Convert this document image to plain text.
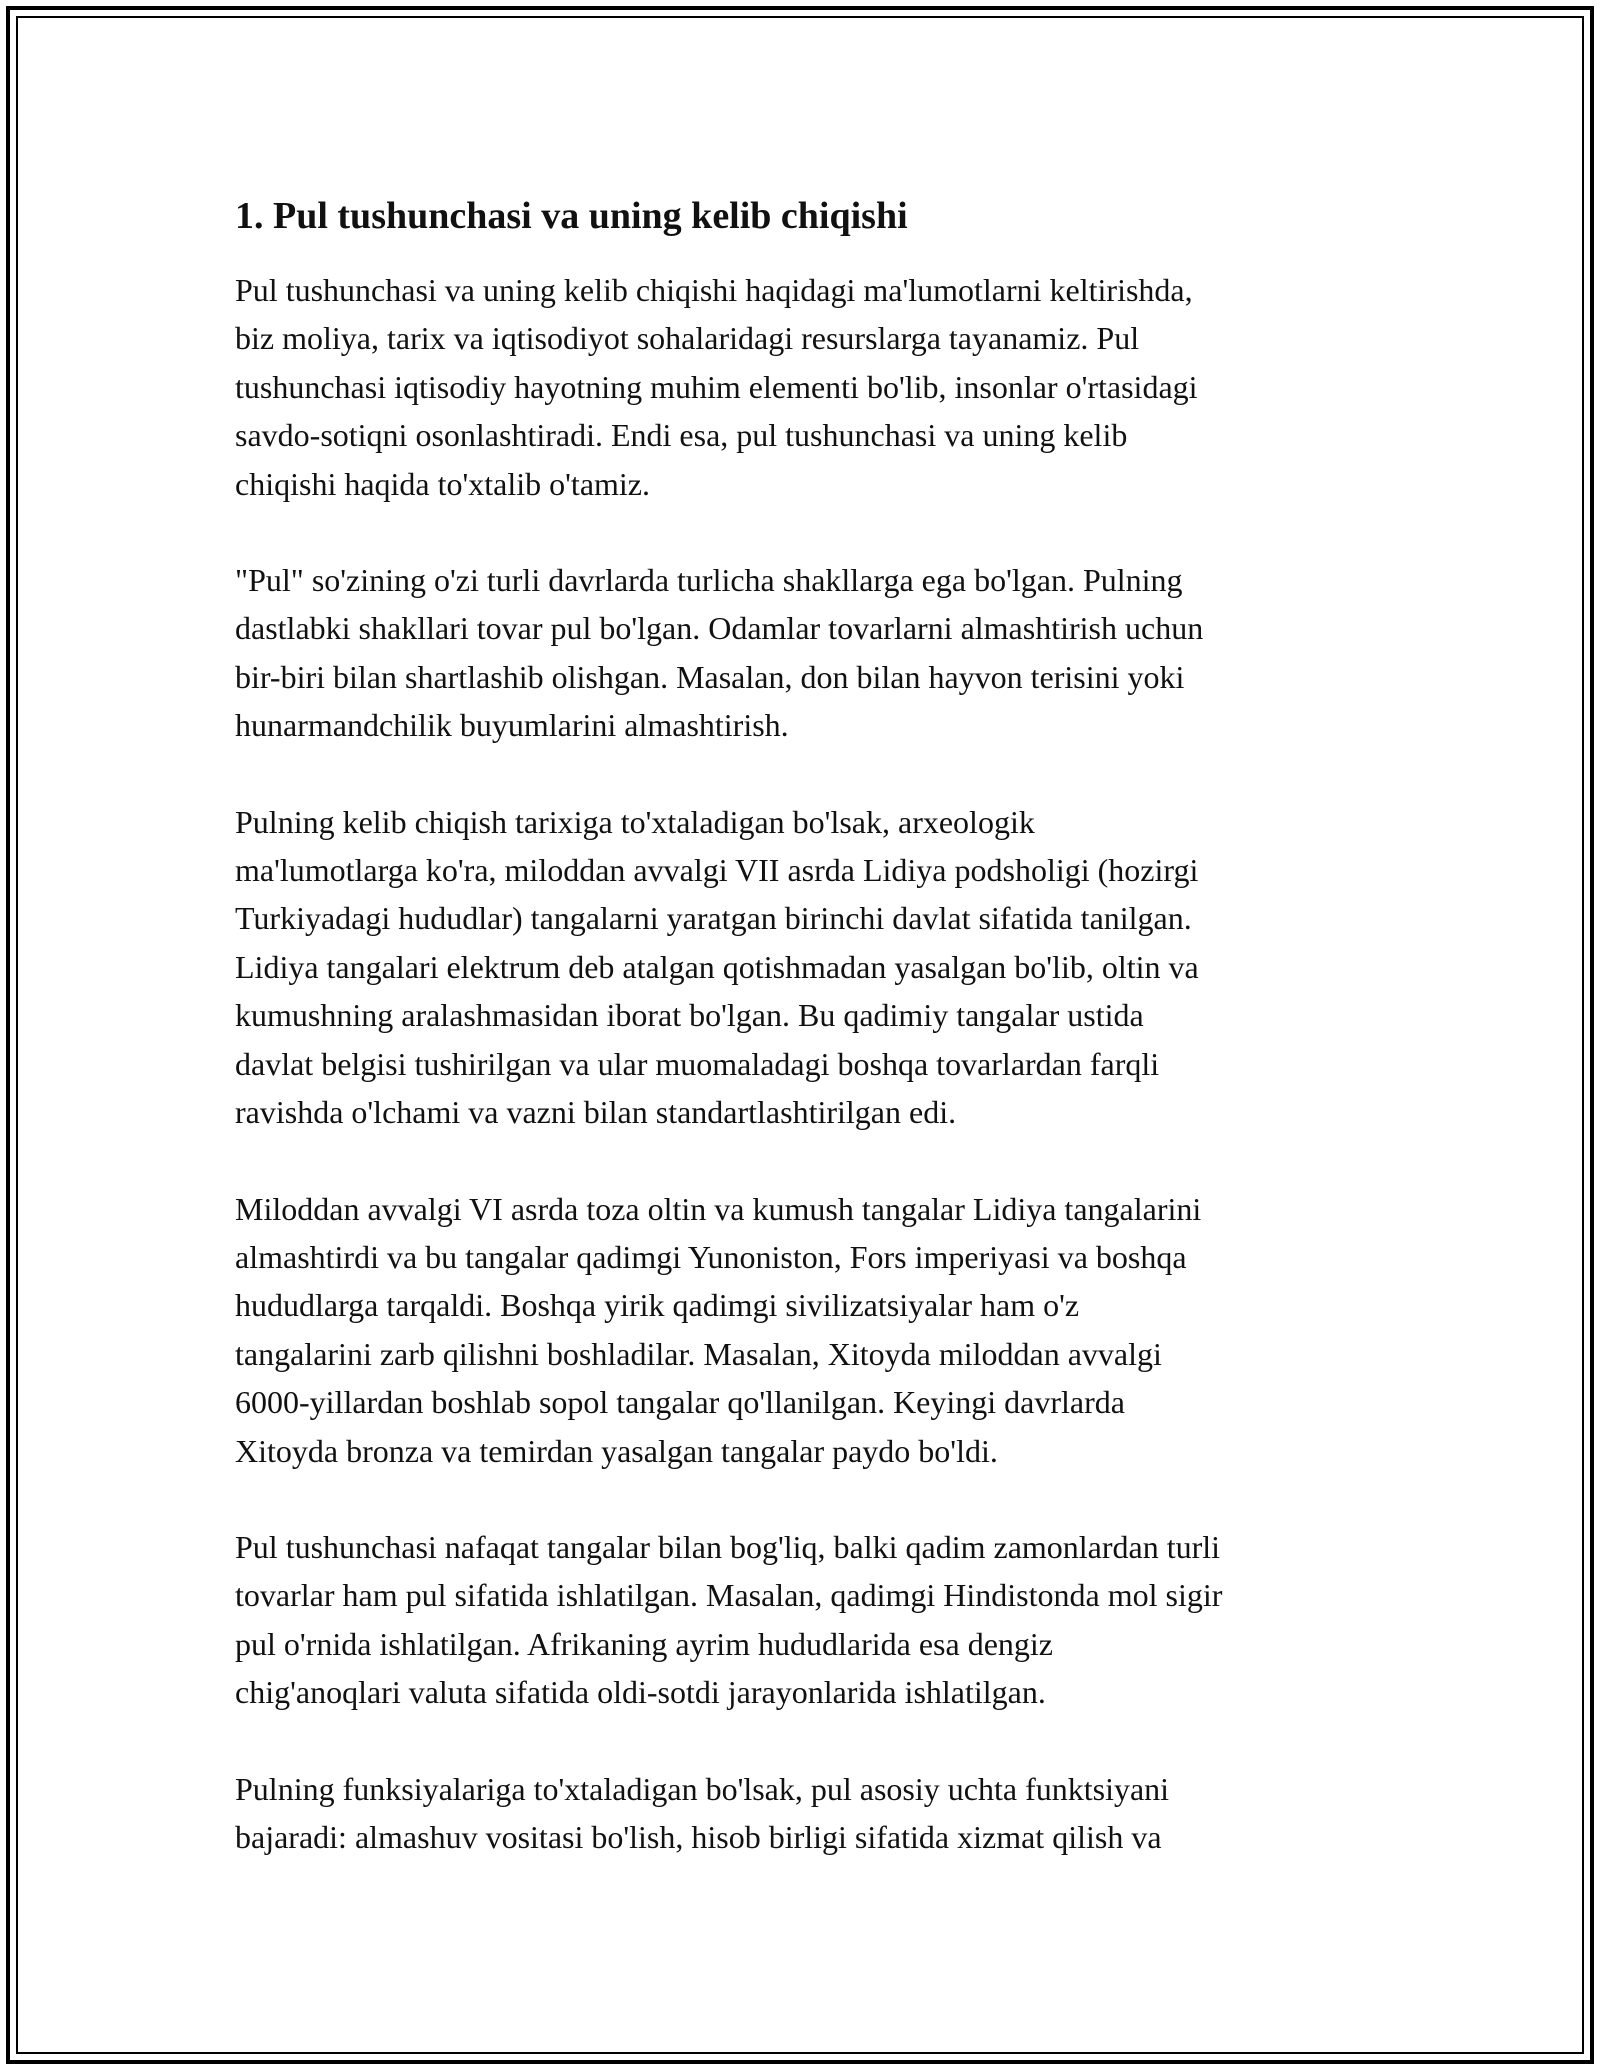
1. Pul tushunchasi va uning kelib chiqishi

Pul tushunchasi va uning kelib chiqishi haqidagi ma'lumotlarni keltirishda,
biz moliya, tarix va iqtisodiyot sohalaridagi resurslarga tayanamiz. Pul
tushunchasi iqtisodiy hayotning muhim elementi bo'lib, insonlar o'rtasidagi
savdo-sotiqni osonlashtiradi. Endi esa, pul tushunchasi va uning kelib
chiqishi haqida to'xtalib o'tamiz.

"Pul" so'zining o'zi turli davrlarda turlicha shakllarga ega bo'lgan. Pulning
dastlabki shakllari tovar pul bo'lgan. Odamlar tovarlarni almashtirish uchun
bir-biri bilan shartlashib olishgan. Masalan, don bilan hayvon terisini yoki
hunarmandchilik buyumlarini almashtirish.

Pulning kelib chiqish tarixiga to'xtaladigan bo'lsak, arxeologik
ma'lumotlarga ko'ra, miloddan avvalgi VII asrda Lidiya podsholigi (hozirgi
Turkiyadagi hududlar) tangalarni yaratgan birinchi davlat sifatida tanilgan.
Lidiya tangalari elektrum deb atalgan qotishmadan yasalgan bo'lib, oltin va
kumushning aralashmasidan iborat bo'lgan. Bu qadimiy tangalar ustida
davlat belgisi tushirilgan va ular muomaladagi boshqa tovarlardan farqli
ravishda o'lchami va vazni bilan standartlashtirilgan edi.

Miloddan avvalgi VI asrda toza oltin va kumush tangalar Lidiya tangalarini
almashtirdi va bu tangalar qadimgi Yunoniston, Fors imperiyasi va boshqa
hududlarga tarqaldi. Boshqa yirik qadimgi sivilizatsiyalar ham o'z
tangalarini zarb qilishni boshladilar. Masalan, Xitoyda miloddan avvalgi
6000-yillardan boshlab sopol tangalar qo'llanilgan. Keyingi davrlarda
Xitoyda bronza va temirdan yasalgan tangalar paydo bo'ldi.

Pul tushunchasi nafaqat tangalar bilan bog'liq, balki qadim zamonlardan turli
tovarlar ham pul sifatida ishlatilgan. Masalan, qadimgi Hindistonda mol sigir
pul o'rnida ishlatilgan. Afrikaning ayrim hududlarida esa dengiz
chig'anoqlari valuta sifatida oldi-sotdi jarayonlarida ishlatilgan.

Pulning funksiyalariga to'xtaladigan bo'lsak, pul asosiy uchta funktsiyani
bajaradi: almashuv vositasi bo'lish, hisob birligi sifatida xizmat qilish va
